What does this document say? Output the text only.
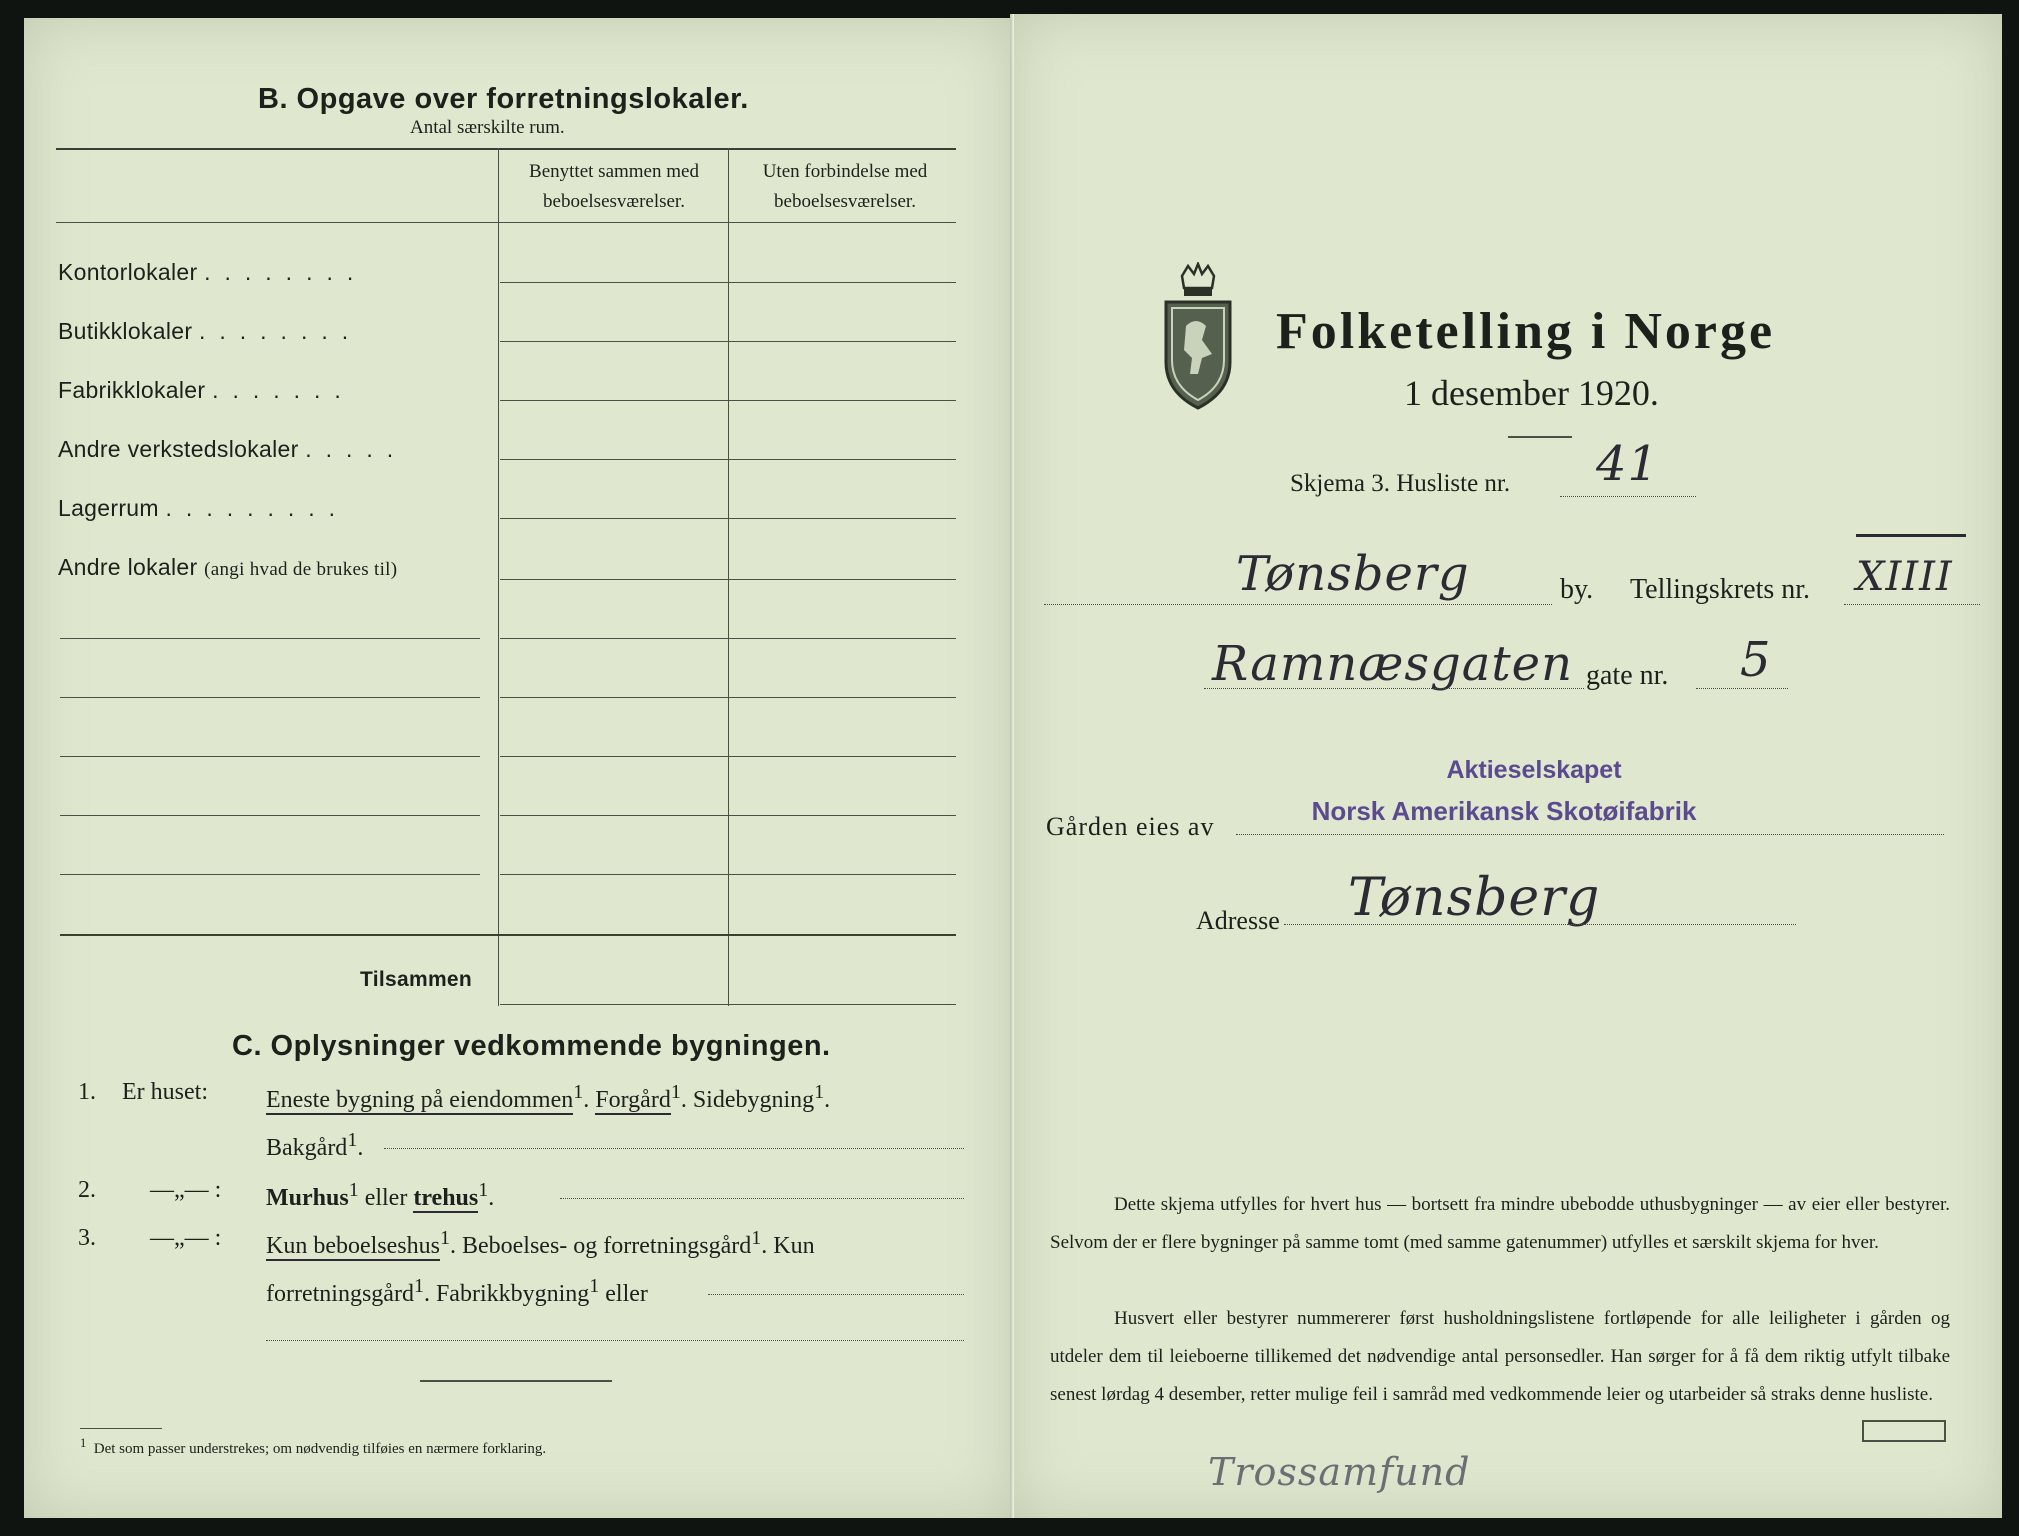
B. Opgave over forretningslokaler.
Antal særskilte rum.
Benyttet sammen med
beboelsesværelser.
Uten forbindelse med
beboelsesværelser.
Kontorlokaler ........
Butikklokaler ........
Fabrikklokaler .......
Andre verkstedslokaler .....
Lagerrum .........
Andre lokaler (angi hvad de brukes til)
Tilsammen
C. Oplysninger vedkommende bygningen.
1. Er huset: Eneste bygning på eiendommen$^1$. Forgård$^1$. Sidebygning$^1$.
Bakgård$^1$.
2. —„— : Murhus$^1$ eller trehus$^1$.
3. —„— : Kun beboelseshus$^1$. Beboelses- og forretningsgård$^1$. Kun
forretningsgård$^1$. Fabrikkbygning$^1$ eller
$^1$ Det som passer understrekes; om nødvendig tilføies en nærmere forklaring.
Folketelling i Norge
1 desember 1920.
Skjema 3. Husliste nr. 41
Tønsberg	by. Tellingskrets nr. XIIII
Ramnæsgaten gate nr. 5
Gården eies av
Aktieselskapet
Norsk Amerikansk Skotøifabrik
Adresse Tønsberg
Dette skjema utfylles for hvert hus — bortsett fra mindre ubebodde uthusbygninger — av eier eller bestyrer. Selvom der er flere bygninger på samme tomt (med samme gatenummer) utfylles et særskilt skjema for hver.
Husvert eller bestyrer nummererer først husholdningslistene fortløpende for alle leiligheter i gården og utdeler dem til leieboerne tillikemed det nødvendige antal personsedler. Han sørger for å få dem riktig utfylt tilbake senest lørdag 4 desember, retter mulige feil i samråd med vedkommende leier og utarbeider så straks denne husliste.
Trossamfund
